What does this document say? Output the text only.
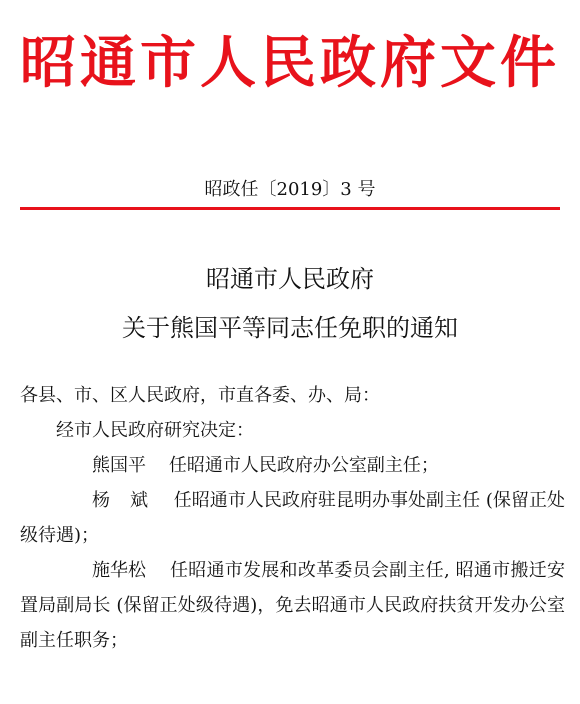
昭通市人民政府文件
昭政任〔2019〕3 号
昭通市人民政府
关于熊国平等同志任免职的通知
各县、市、区人民政府，市直各委、办、局：
经市人民政府研究决定：
熊国平 任昭通市人民政府办公室副主任；
杨斌 任昭通市人民政府驻昆明办事处副主任 (保留正处级待遇)；
施华松 任昭通市发展和改革委员会副主任, 昭通市搬迁安置局副局长 (保留正处级待遇)，免去昭通市人民政府扶贫开发办公室副主任职务；
